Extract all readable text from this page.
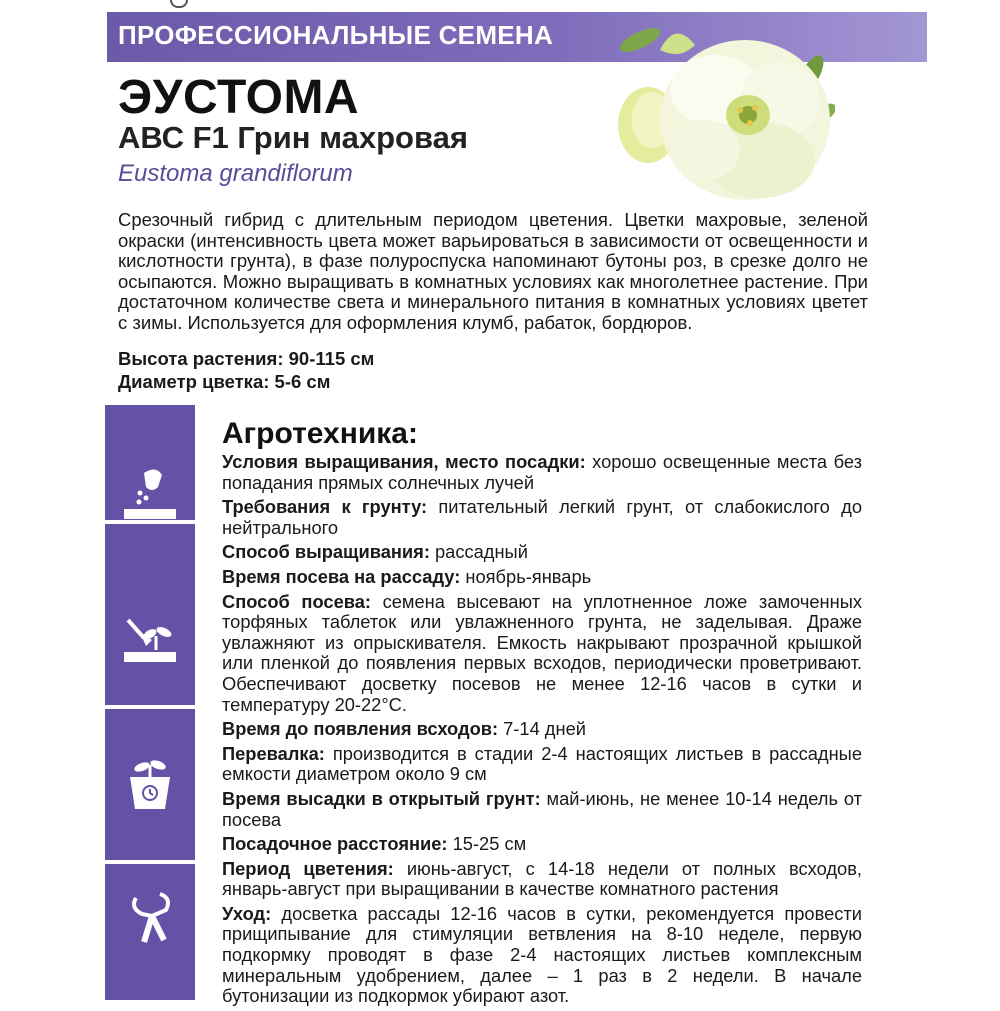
ПРОФЕССИОНАЛЬНЫЕ СЕМЕНА
ЭУСТОМА
АВС F1 Грин махровая
Eustoma grandiflorum
Срезочный гибрид с длительным периодом цветения. Цветки махровые, зеленой окраски (интенсивность цвета может варьироваться в зависимости от освещенности и кислотности грунта), в фазе полуроспуска напоминают бутоны роз, в срезке долго не осыпаются. Можно выращивать в комнатных условиях как многолетнее растение. При достаточном количестве света и минерального питания в комнатных условиях цветет с зимы. Используется для оформления клумб, рабаток, бордюров.
Высота растения: 90-115 см
Диаметр цветка: 5-6 см
Агротехника:

Условия выращивания, место посадки: хорошо освещенные места без попадания прямых солнечных лучей

Требования к грунту: питательный легкий грунт, от слабокислого до нейтрального

Способ выращивания: рассадный

Время посева на рассаду: ноябрь-январь

Способ посева: семена высевают на уплотненное ложе замоченных торфяных таблеток или увлажненного грунта, не заделывая. Драже увлажняют из опрыскивателя. Емкость накрывают прозрачной крышкой или пленкой до появления первых всходов, периодически проветривают. Обеспечивают досветку посевов не менее 12-16 часов в сутки и температуру 20-22°С.

Время до появления всходов: 7-14 дней

Перевалка: производится в стадии 2-4 настоящих листьев в рассадные емкости диаметром около 9 см

Время высадки в открытый грунт: май-июнь, не менее 10-14 недель от посева

Посадочное расстояние: 15-25 см

Период цветения: июнь-август, с 14-18 недели от полных всходов, январь-август при выращивании в качестве комнатного растения

Уход: досветка рассады 12-16 часов в сутки, рекомендуется провести прищипывание для стимуляции ветвления на 8-10 неделе, первую подкормку проводят в фазе 2-4 настоящих листьев комплексным минеральным удобрением, далее – 1 раз в 2 недели. В начале бутонизации из подкормок убирают азот.
